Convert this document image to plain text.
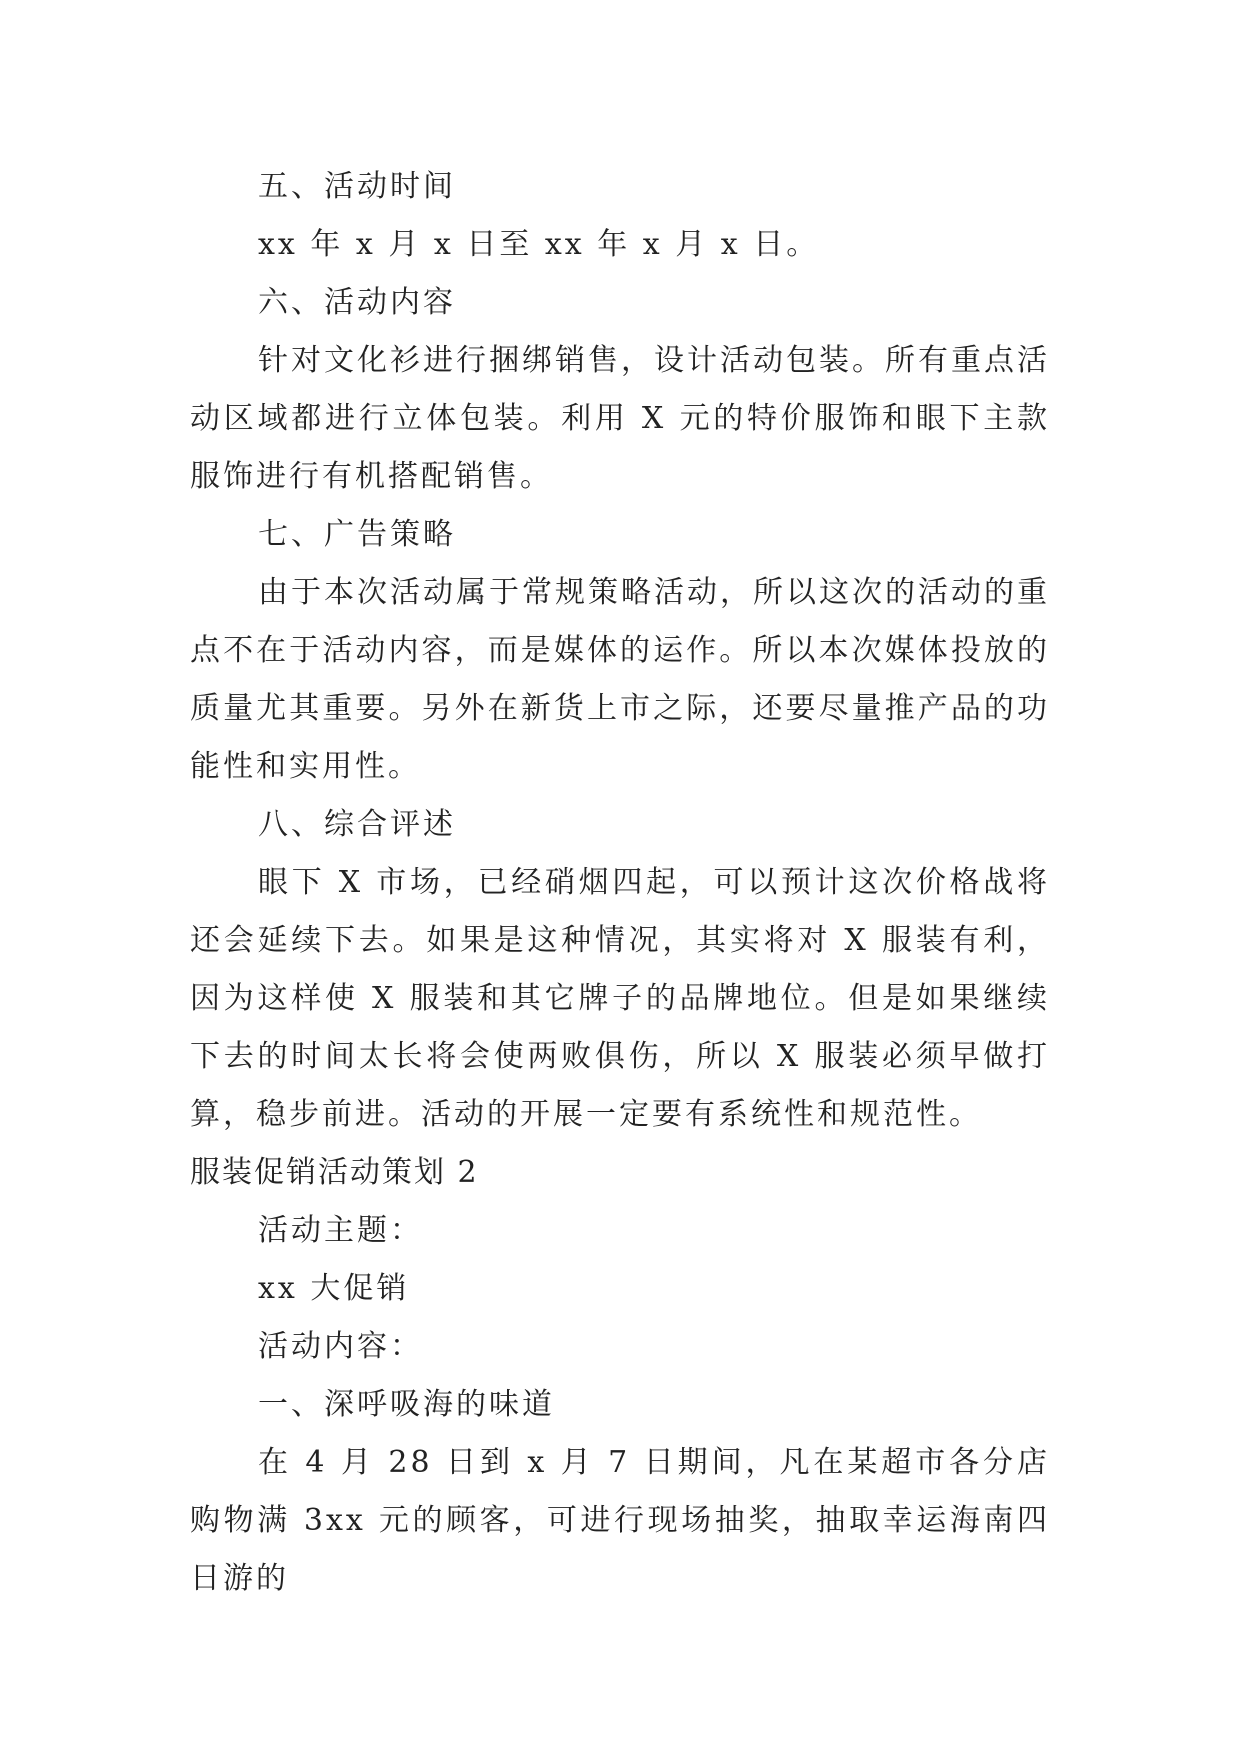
五、活动时间

xx 年 x 月 x 日至 xx 年 x 月 x 日。

六、活动内容

针对文化衫进行捆绑销售，设计活动包装。所有重点活动区域都进行立体包装。利用 X 元的特价服饰和眼下主款服饰进行有机搭配销售。

七、广告策略

由于本次活动属于常规策略活动，所以这次的活动的重点不在于活动内容，而是媒体的运作。所以本次媒体投放的质量尤其重要。另外在新货上市之际，还要尽量推产品的功能性和实用性。

八、综合评述

眼下 X 市场，已经硝烟四起，可以预计这次价格战将还会延续下去。如果是这种情况，其实将对 X 服装有利，因为这样使 X 服装和其它牌子的品牌地位。但是如果继续下去的时间太长将会使两败俱伤，所以 X 服装必须早做打算，稳步前进。活动的开展一定要有系统性和规范性。

服装促销活动策划 2

活动主题：

xx 大促销

活动内容：

一、深呼吸海的味道

在 4 月 28 日到 x 月 7 日期间，凡在某超市各分店购物满 3xx 元的顾客，可进行现场抽奖，抽取幸运海南四日游的
